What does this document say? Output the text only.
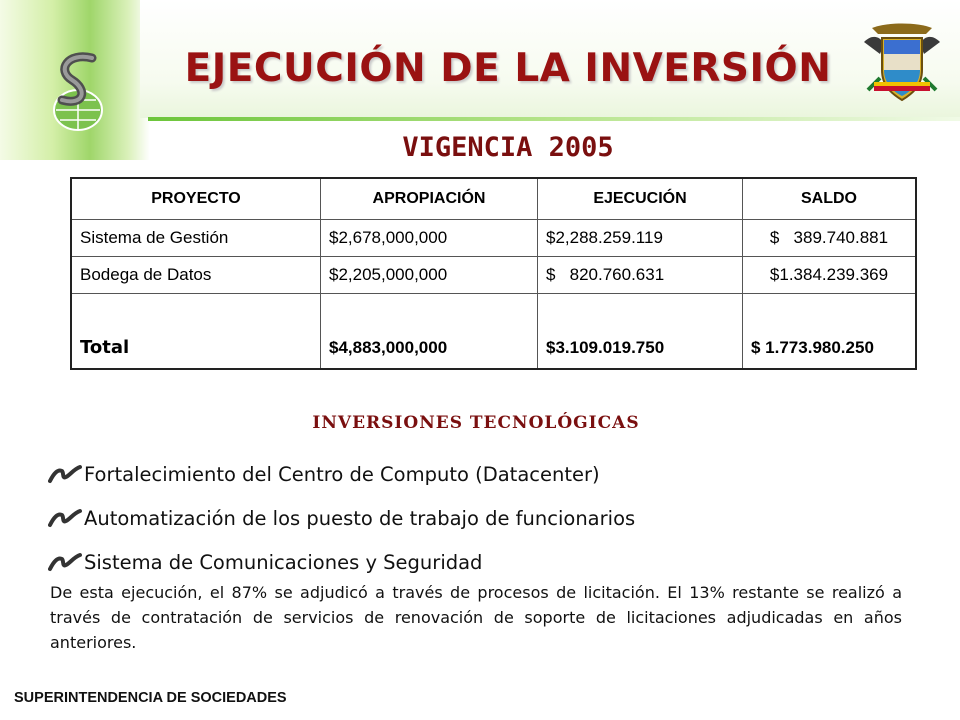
EJECUCIÓN DE LA INVERSIÓN
VIGENCIA 2005
PROYECTO	APROPIACIÓN	EJECUCIÓN	SALDO
Sistema de Gestión	$2,678,000,000	$2,288.259.119	$   389.740.881
Bodega de Datos	$2,205,000,000	$   820.760.631	$1.384.239.369
Total	$4,883,000,000	$3.109.019.750	$ 1.773.980.250
INVERSIONES TECNOLÓGICAS
Fortalecimiento del Centro de Computo (Datacenter)
Automatización de los puesto de trabajo de funcionarios
Sistema de Comunicaciones y Seguridad
De esta ejecución, el 87% se adjudicó a través de procesos de licitación. El 13% restante se realizó a través de contratación de servicios de renovación de soporte de licitaciones adjudicadas en años anteriores.
SUPERINTENDENCIA DE SOCIEDADES
